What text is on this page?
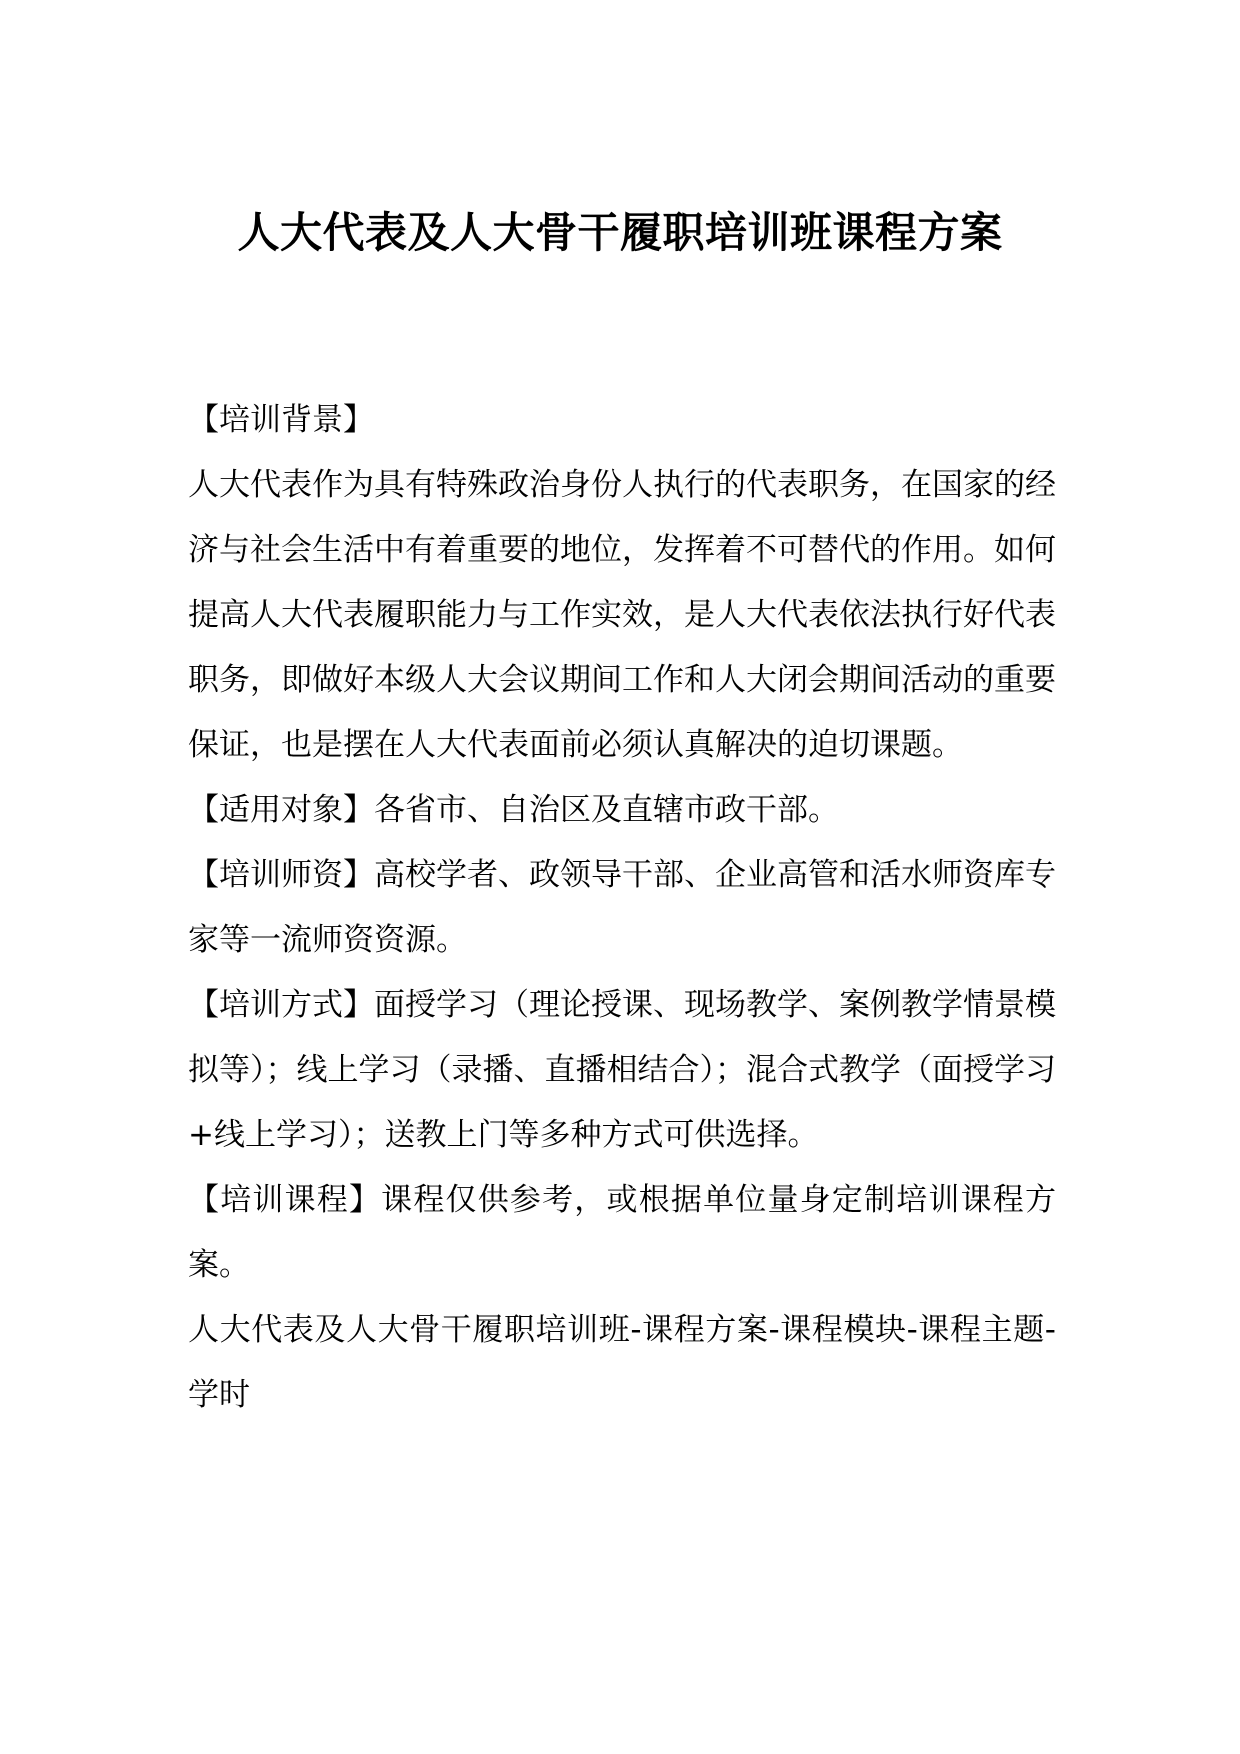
人大代表及人大骨干履职培训班课程方案

【培训背景】

人大代表作为具有特殊政治身份人执行的代表职务，在国家的经济与社会生活中有着重要的地位，发挥着不可替代的作用。如何提高人大代表履职能力与工作实效，是人大代表依法执行好代表职务，即做好本级人大会议期间工作和人大闭会期间活动的重要保证，也是摆在人大代表面前必须认真解决的迫切课题。

【适用对象】各省市、自治区及直辖市政干部。

【培训师资】高校学者、政领导干部、企业高管和活水师资库专家等一流师资资源。

【培训方式】面授学习（理论授课、现场教学、案例教学情景模拟等）；线上学习（录播、直播相结合）；混合式教学（面授学习+线上学习）；送教上门等多种方式可供选择。

【培训课程】课程仅供参考，或根据单位量身定制培训课程方案。

人大代表及人大骨干履职培训班-课程方案-课程模块-课程主题-学时
